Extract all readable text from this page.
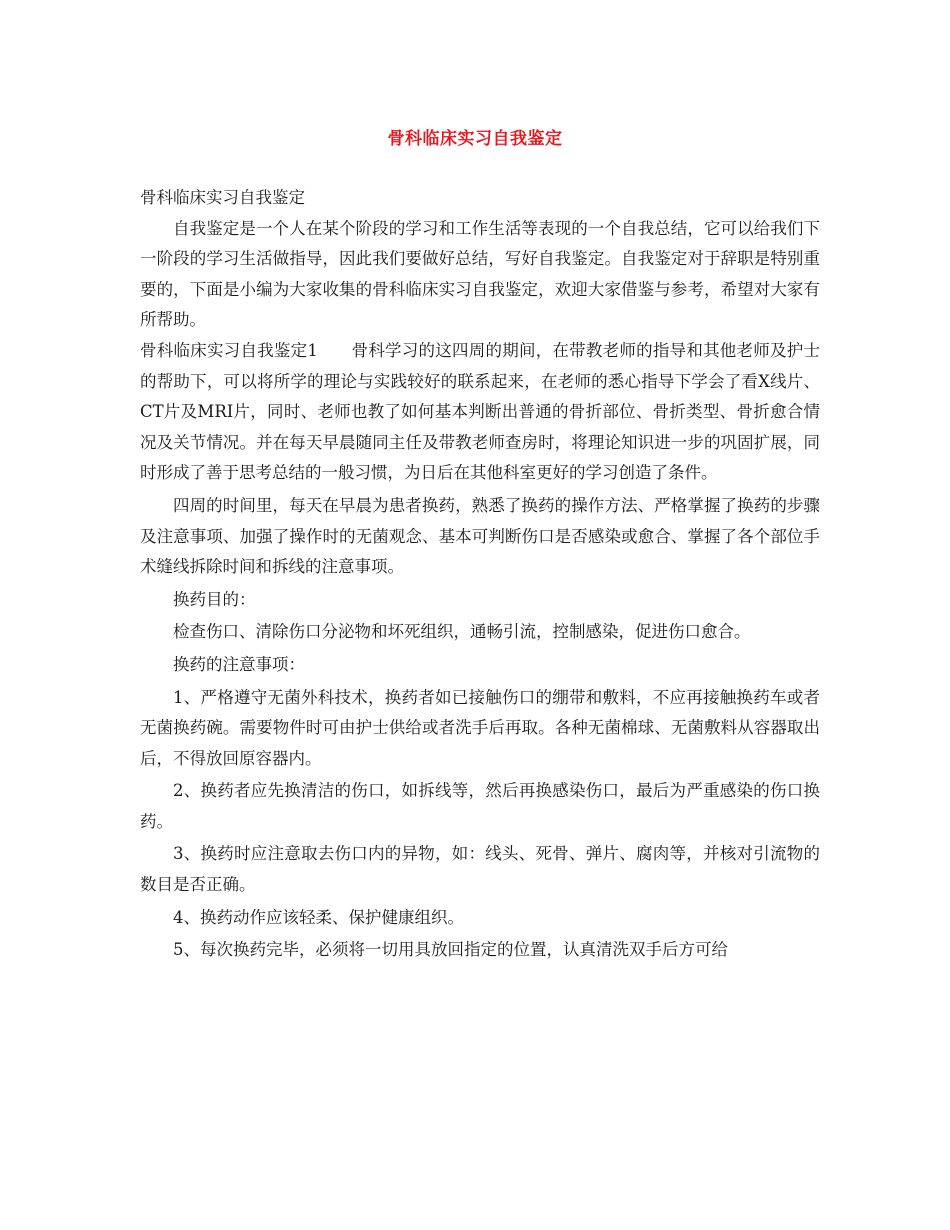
骨科临床实习自我鉴定

骨科临床实习自我鉴定

自我鉴定是一个人在某个阶段的学习和工作生活等表现的一个自我总结，它可以给我们下一阶段的学习生活做指导，因此我们要做好总结，写好自我鉴定。自我鉴定对于辞职是特别重要的，下面是小编为大家收集的骨科临床实习自我鉴定，欢迎大家借鉴与参考，希望对大家有所帮助。

骨科临床实习自我鉴定1　　骨科学习的这四周的期间，在带教老师的指导和其他老师及护士的帮助下，可以将所学的理论与实践较好的联系起来，在老师的悉心指导下学会了看X线片、CT片及MRI片，同时、老师也教了如何基本判断出普通的骨折部位、骨折类型、骨折愈合情况及关节情况。并在每天早晨随同主任及带教老师查房时，将理论知识进一步的巩固扩展，同时形成了善于思考总结的一般习惯，为日后在其他科室更好的学习创造了条件。

四周的时间里，每天在早晨为患者换药，熟悉了换药的操作方法、严格掌握了换药的步骤及注意事项、加强了操作时的无菌观念、基本可判断伤口是否感染或愈合、掌握了各个部位手术缝线拆除时间和拆线的注意事项。

换药目的：

检查伤口、清除伤口分泌物和坏死组织，通畅引流，控制感染，促进伤口愈合。

换药的注意事项：

1、严格遵守无菌外科技术，换药者如已接触伤口的绷带和敷料，不应再接触换药车或者无菌换药碗。需要物件时可由护士供给或者洗手后再取。各种无菌棉球、无菌敷料从容器取出后，不得放回原容器内。

2、换药者应先换清洁的伤口，如拆线等，然后再换感染伤口，最后为严重感染的伤口换药。

3、换药时应注意取去伤口内的异物，如：线头、死骨、弹片、腐肉等，并核对引流物的数目是否正确。

4、换药动作应该轻柔、保护健康组织。

5、每次换药完毕，必须将一切用具放回指定的位置，认真清洗双手后方可给
